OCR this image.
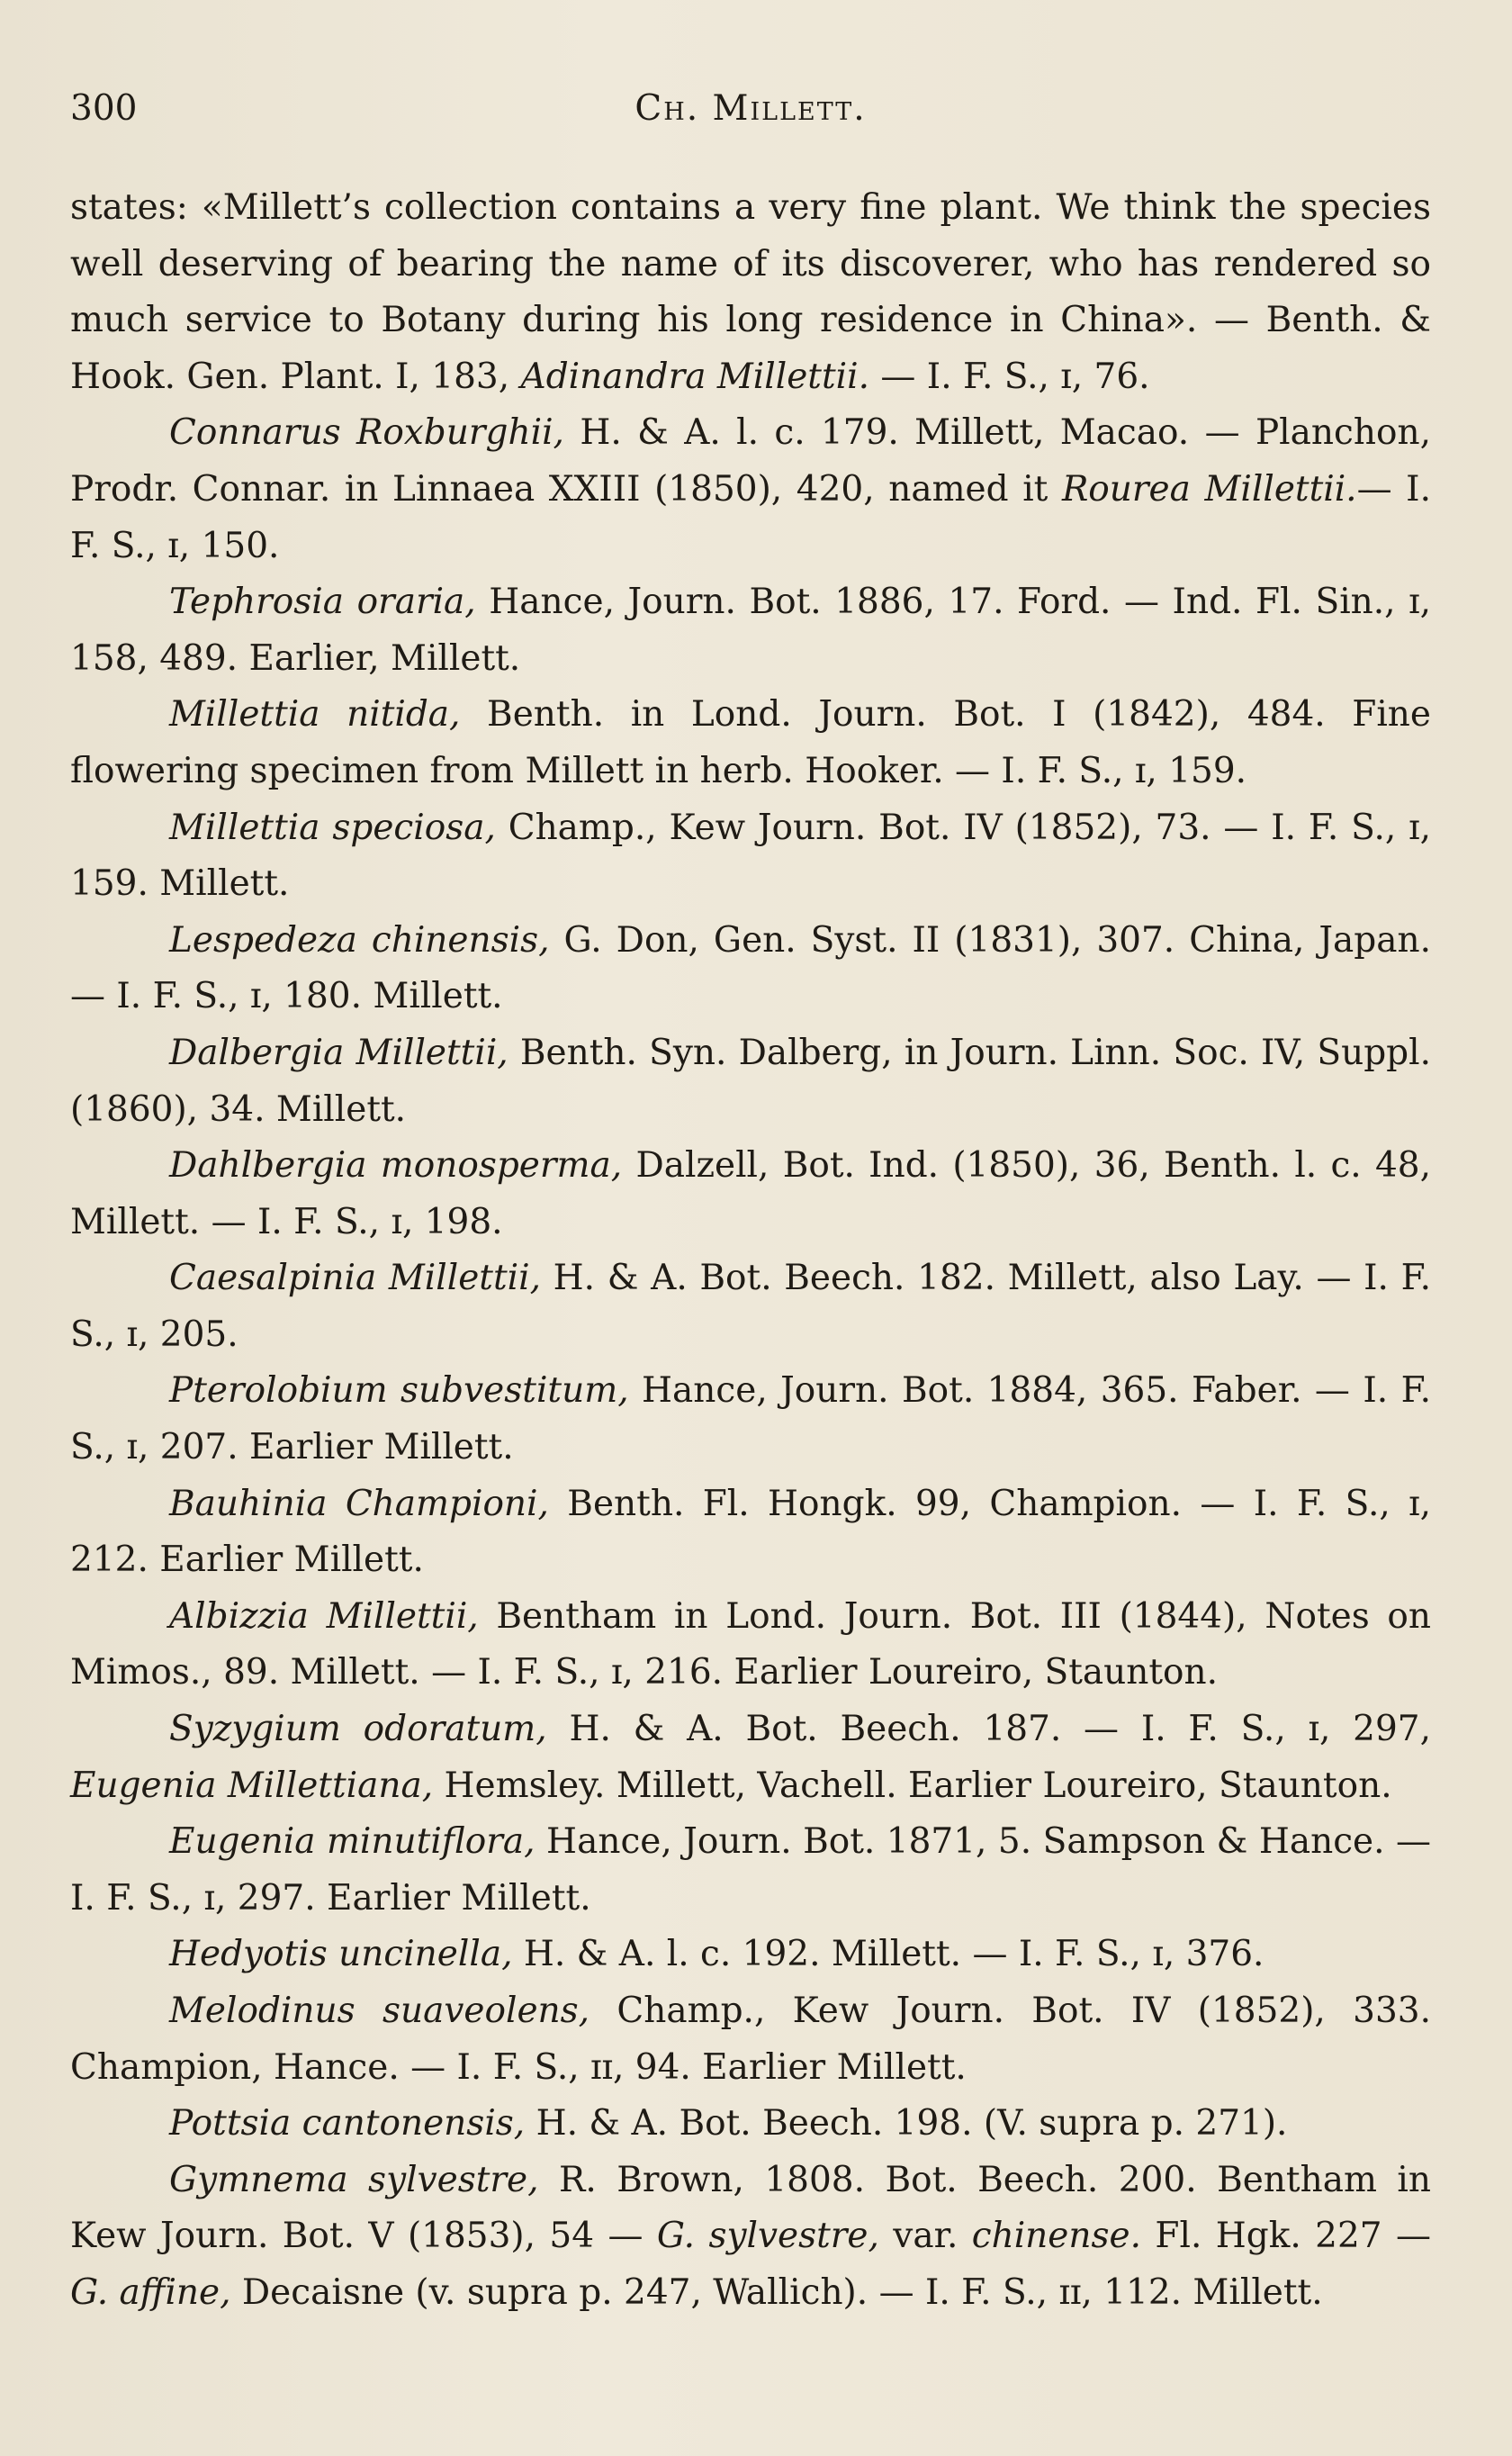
300	Ch. Millett.

states: «Millett’s collection contains a very fine plant. We think the species well deserving of bearing the name of its discoverer, who has rendered so much service to Botany during his long residence in China». — Benth. & Hook. Gen. Plant. I, 183, Adinandra Millettii. — I. F. S., ɪ, 76.

Connarus Roxburghii, H. & A. l. c. 179. Millett, Macao. — Planchon, Prodr. Connar. in Linnaea XXIII (1850), 420, named it Rourea Millettii.— I. F. S., ɪ, 150.

Tephrosia oraria, Hance, Journ. Bot. 1886, 17. Ford. — Ind. Fl. Sin., ɪ, 158, 489. Earlier, Millett.

Millettia nitida, Benth. in Lond. Journ. Bot. I (1842), 484. Fine flowering specimen from Millett in herb. Hooker. — I. F. S., ɪ, 159.

Millettia speciosa, Champ., Kew Journ. Bot. IV (1852), 73. — I. F. S., ɪ, 159. Millett.

Lespedeza chinensis, G. Don, Gen. Syst. II (1831), 307. China, Japan. — I. F. S., ɪ, 180. Millett.

Dalbergia Millettii, Benth. Syn. Dalberg, in Journ. Linn. Soc. IV, Suppl. (1860), 34. Millett.

Dahlbergia monosperma, Dalzell, Bot. Ind. (1850), 36, Benth. l. c. 48, Millett. — I. F. S., ɪ, 198.

Caesalpinia Millettii, H. & A. Bot. Beech. 182. Millett, also Lay. — I. F. S., ɪ, 205.

Pterolobium subvestitum, Hance, Journ. Bot. 1884, 365. Faber. — I. F. S., ɪ, 207. Earlier Millett.

Bauhinia Championi, Benth. Fl. Hongk. 99, Champion. — I. F. S., ɪ, 212. Earlier Millett.

Albizzia Millettii, Bentham in Lond. Journ. Bot. III (1844), Notes on Mimos., 89. Millett. — I. F. S., ɪ, 216. Earlier Loureiro, Staunton.

Syzygium odoratum, H. & A. Bot. Beech. 187. — I. F. S., ɪ, 297, Eugenia Millettiana, Hemsley. Millett, Vachell. Earlier Loureiro, Staunton.

Eugenia minutiflora, Hance, Journ. Bot. 1871, 5. Sampson & Hance. — I. F. S., ɪ, 297. Earlier Millett.

Hedyotis uncinella, H. & A. l. c. 192. Millett. — I. F. S., ɪ, 376.

Melodinus suaveolens, Champ., Kew Journ. Bot. IV (1852), 333. Champion, Hance. — I. F. S., ɪɪ, 94. Earlier Millett.

Pottsia cantonensis, H. & A. Bot. Beech. 198. (V. supra p. 271).

Gymnema sylvestre, R. Brown, 1808. Bot. Beech. 200. Bentham in Kew Journ. Bot. V (1853), 54 — G. sylvestre, var. chinense. Fl. Hgk. 227 — G. affine, Decaisne (v. supra p. 247, Wallich). — I. F. S., ɪɪ, 112. Millett.
